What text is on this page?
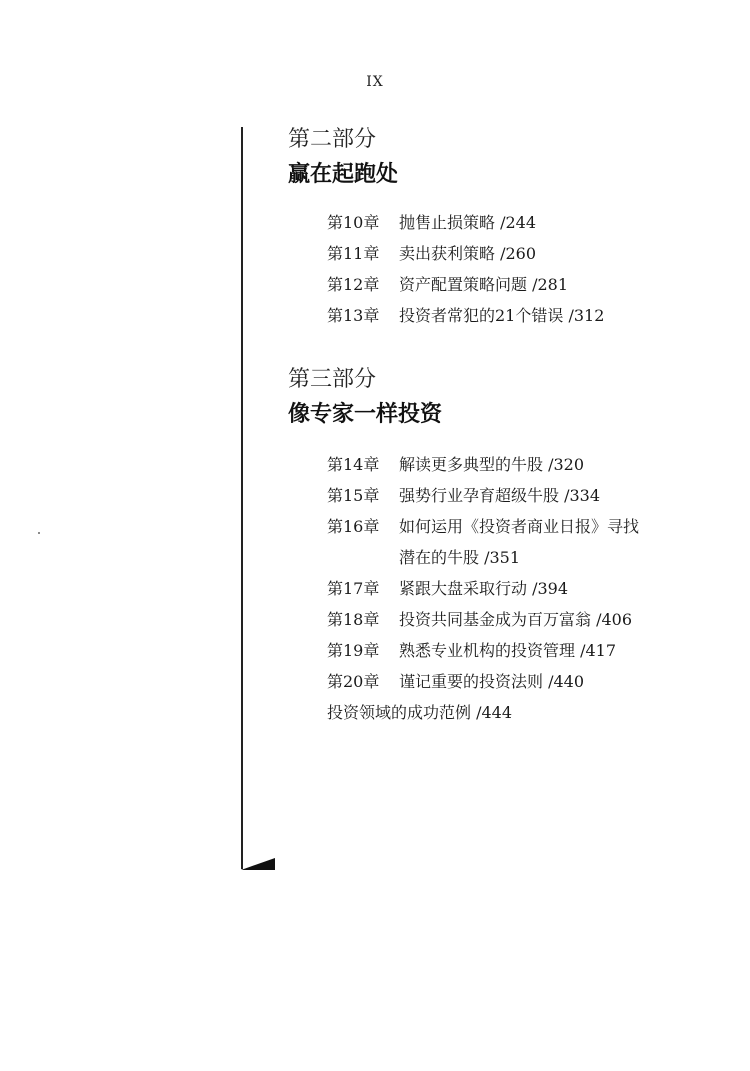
IX
第二部分
赢在起跑处
第10章	抛售止损策略 /244
第11章	卖出获利策略 /260
第12章	资产配置策略问题 /281
第13章	投资者常犯的21个错误 /312
第三部分
像专家一样投资
第14章	解读更多典型的牛股 /320
第15章	强势行业孕育超级牛股 /334
第16章	如何运用《投资者商业日报》寻找
潜在的牛股 /351
第17章	紧跟大盘采取行动 /394
第18章	投资共同基金成为百万富翁 /406
第19章	熟悉专业机构的投资管理 /417
第20章	谨记重要的投资法则 /440
投资领域的成功范例 /444
